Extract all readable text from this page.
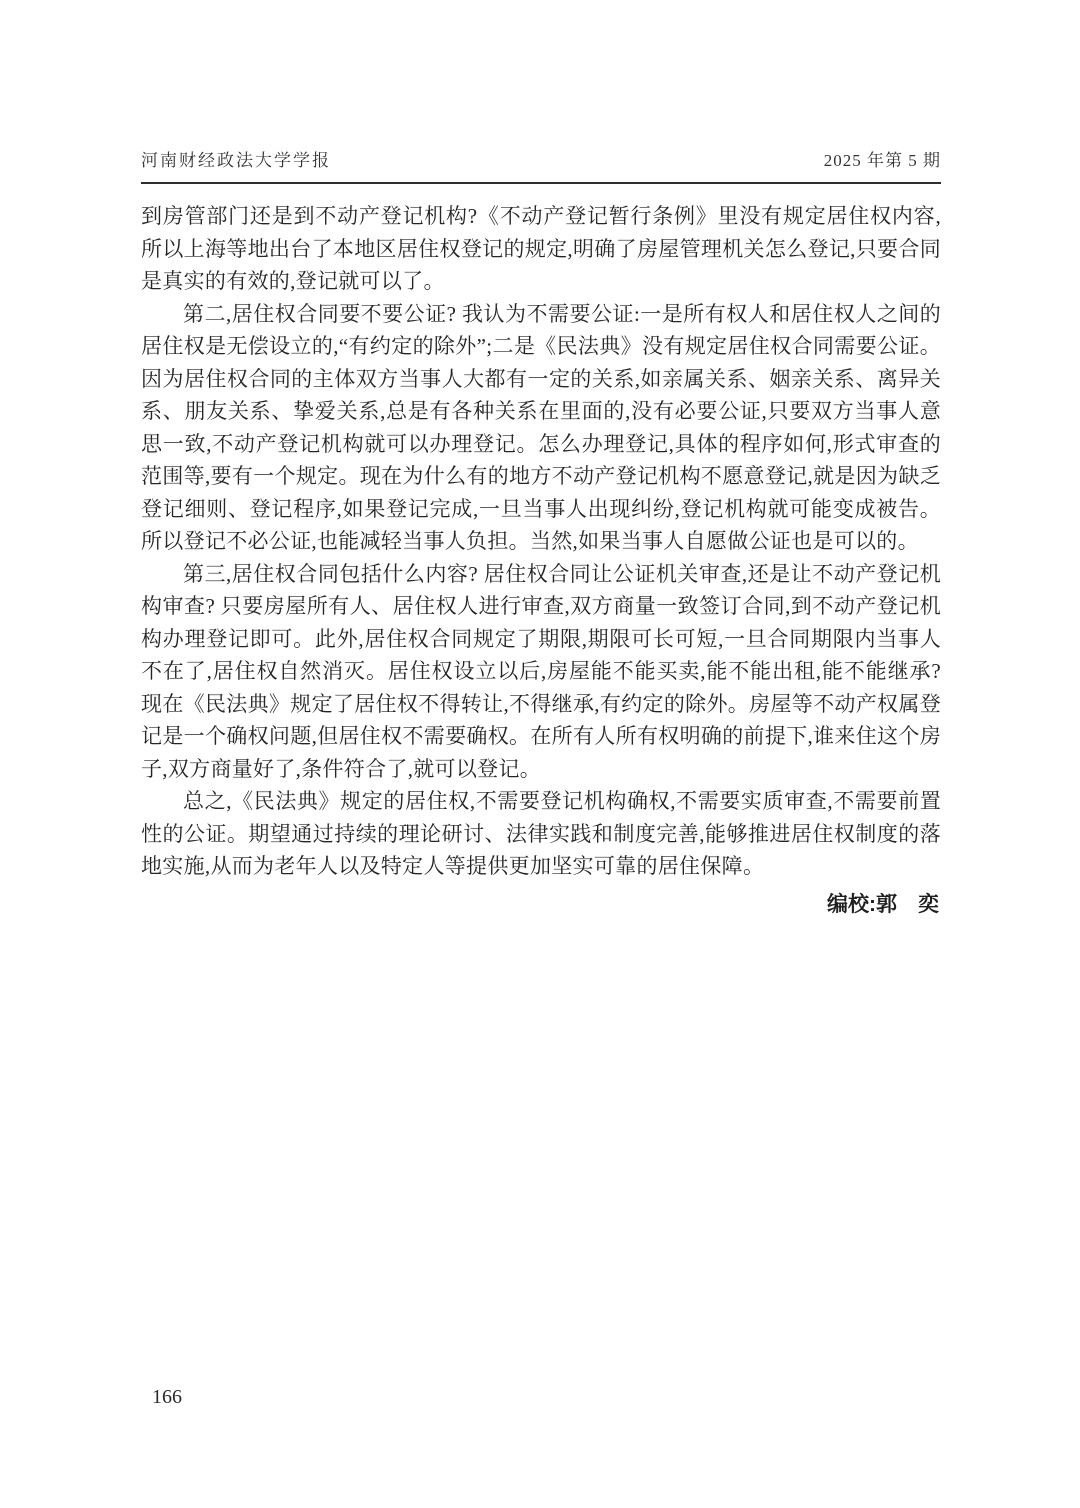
河南财经政法大学学报	2025 年第 5 期

到房管部门还是到不动产登记机构?《不动产登记暂行条例》里没有规定居住权内容,所以上海等地出台了本地区居住权登记的规定,明确了房屋管理机关怎么登记,只要合同是真实的有效的,登记就可以了。

第二,居住权合同要不要公证? 我认为不需要公证:一是所有权人和居住权人之间的居住权是无偿设立的,“有约定的除外”;二是《民法典》没有规定居住权合同需要公证。因为居住权合同的主体双方当事人大都有一定的关系,如亲属关系、姻亲关系、离异关系、朋友关系、挚爱关系,总是有各种关系在里面的,没有必要公证,只要双方当事人意思一致,不动产登记机构就可以办理登记。怎么办理登记,具体的程序如何,形式审查的范围等,要有一个规定。现在为什么有的地方不动产登记机构不愿意登记,就是因为缺乏登记细则、登记程序,如果登记完成,一旦当事人出现纠纷,登记机构就可能变成被告。所以登记不必公证,也能减轻当事人负担。当然,如果当事人自愿做公证也是可以的。

第三,居住权合同包括什么内容? 居住权合同让公证机关审查,还是让不动产登记机构审查? 只要房屋所有人、居住权人进行审查,双方商量一致签订合同,到不动产登记机构办理登记即可。此外,居住权合同规定了期限,期限可长可短,一旦合同期限内当事人不在了,居住权自然消灭。居住权设立以后,房屋能不能买卖,能不能出租,能不能继承? 现在《民法典》规定了居住权不得转让,不得继承,有约定的除外。房屋等不动产权属登记是一个确权问题,但居住权不需要确权。在所有人所有权明确的前提下,谁来住这个房子,双方商量好了,条件符合了,就可以登记。

总之,《民法典》规定的居住权,不需要登记机构确权,不需要实质审查,不需要前置性的公证。期望通过持续的理论研讨、法律实践和制度完善,能够推进居住权制度的落地实施,从而为老年人以及特定人等提供更加坚实可靠的居住保障。

编校:郭　奕
166
